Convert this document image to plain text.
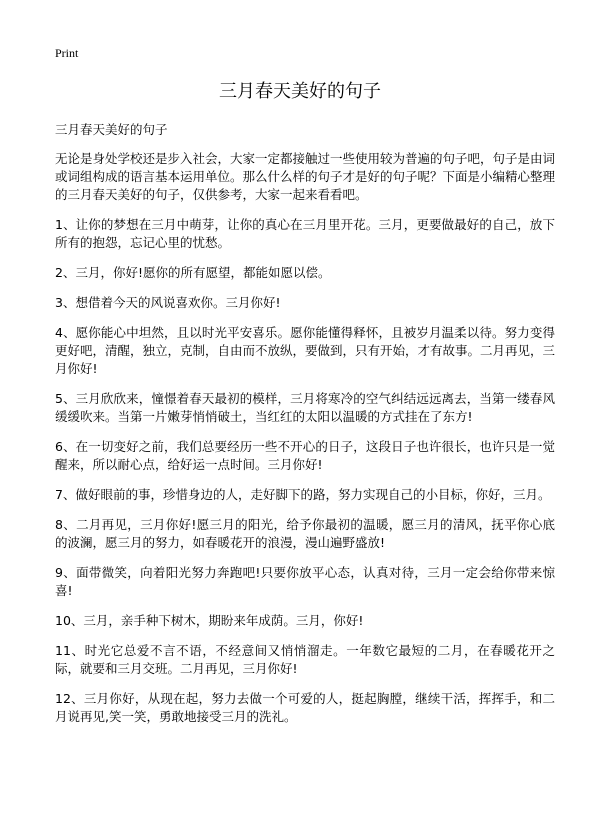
Print
三月春天美好的句子

三月春天美好的句子

无论是身处学校还是步入社会，大家一定都接触过一些使用较为普遍的句子吧，句子是由词或词组构成的语言基本运用单位。那么什么样的句子才是好的句子呢？下面是小编精心整理的三月春天美好的句子，仅供参考，大家一起来看看吧。

1、让你的梦想在三月中萌芽，让你的真心在三月里开花。三月，更要做最好的自己，放下所有的抱怨，忘记心里的忧愁。

2、三月，你好!愿你的所有愿望，都能如愿以偿。

3、想借着今天的风说喜欢你。三月你好!

4、愿你能心中坦然，且以时光平安喜乐。愿你能懂得释怀，且被岁月温柔以待。努力变得更好吧，清醒，独立，克制，自由而不放纵，要做到，只有开始，才有故事。二月再见，三月你好!

5、三月欣欣来，憧憬着春天最初的模样，三月将寒冷的空气纠结远远离去，当第一缕春风缓缓吹来。当第一片嫩芽悄悄破土，当红红的太阳以温暖的方式挂在了东方!

6、在一切变好之前，我们总要经历一些不开心的日子，这段日子也许很长，也许只是一觉醒来，所以耐心点，给好运一点时间。三月你好!

7、做好眼前的事，珍惜身边的人，走好脚下的路，努力实现自己的小目标，你好，三月。

8、二月再见，三月你好!愿三月的阳光，给予你最初的温暖，愿三月的清风，抚平你心底的波澜，愿三月的努力，如春暖花开的浪漫，漫山遍野盛放!

9、面带微笑，向着阳光努力奔跑吧!只要你放平心态，认真对待，三月一定会给你带来惊喜!

10、三月，亲手种下树木，期盼来年成荫。三月，你好!

11、时光它总爱不言不语，不经意间又悄悄溜走。一年数它最短的二月，在春暖花开之际，就要和三月交班。二月再见，三月你好!

12、三月你好，从现在起，努力去做一个可爱的人，挺起胸膛，继续干活，挥挥手，和二月说再见,笑一笑，勇敢地接受三月的洗礼。
